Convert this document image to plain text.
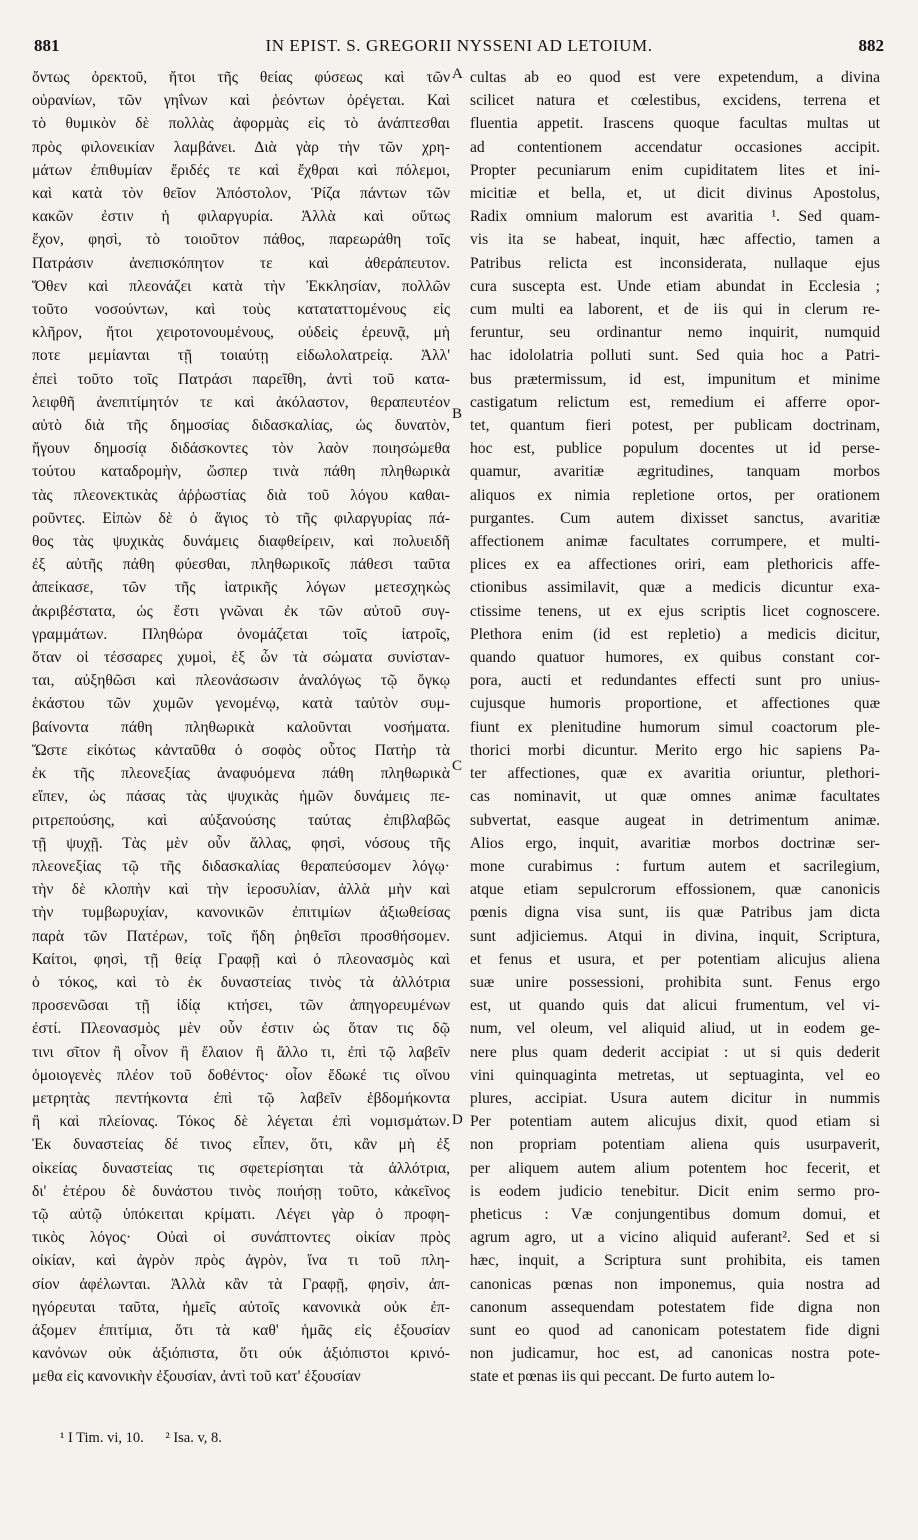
881	IN EPIST. S. GREGORII NYSSENI AD LETOIUM.	882
ὄντως ὀρεκτοῦ, ἤτοι τῆς θείας φύσεως καὶ τῶν
οὐρανίων, τῶν γηΐνων καὶ ῥεόντων ὀρέγεται. Καὶ
τὸ θυμικὸν δὲ πολλὰς ἀφορμὰς εἰς τὸ ἀνάπτεσθαι
πρὸς φιλονεικίαν λαμβάνει. Διὰ γὰρ τὴν τῶν χρη-
μάτων ἐπιθυμίαν ἔριδές τε καὶ ἔχθραι καὶ πόλεμοι,
καὶ κατὰ τὸν θεῖον Ἀπόστολον, Ῥίζα πάντων τῶν
κακῶν ἐστιν ἡ φιλαργυρία. Ἀλλὰ καὶ οὕτως
ἔχον, φησὶ, τὸ τοιοῦτον πάθος, παρεωράθη τοῖς
Πατράσιν ἀνεπισκόπητον τε καὶ ἀθεράπευτον.
Ὅθεν καὶ πλεονάζει κατὰ τὴν Ἐκκλησίαν, πολλῶν
τοῦτο νοσούντων, καὶ τοὺς καταταττομένους εἰς
κλῆρον, ἤτοι χειροτονουμένους, οὐδεὶς ἐρευνᾷ, μὴ
ποτε μεμίανται τῇ τοιαύτῃ εἰδωλολατρείᾳ. Ἀλλ'
ἐπεὶ τοῦτο τοῖς Πατράσι παρεῖθη, ἀντὶ τοῦ κατα-
λειφθῆ ἀνεπιτίμητόν τε καὶ ἀκόλαστον, θεραπευτέον
αὐτὸ διὰ τῆς δημοσίας διδασκαλίας, ὡς δυνατὸν,
ἤγουν δημοσίᾳ διδάσκοντες τὸν λαὸν ποιησώμεθα
τούτου καταδρομὴν, ὥσπερ τινὰ πάθη πληθωρικὰ
τὰς πλεονεκτικὰς ἀῤῥωστίας διὰ τοῦ λόγου καθαι-
ροῦντες. Εἰπὼν δὲ ὁ ἅγιος τὸ τῆς φιλαργυρίας πά-
θος τὰς ψυχικὰς δυνάμεις διαφθείρειν, καὶ πολυειδῆ
ἐξ αὐτῆς πάθη φύεσθαι, πληθωρικοῖς πάθεσι ταῦτα
ἀπείκασε, τῶν τῆς ἰατρικῆς λόγων μετεσχηκὼς
ἀκριβέστατα, ὡς ἔστι γνῶναι ἐκ τῶν αὐτοῦ συγ-
γραμμάτων. Πληθώρα ὀνομάζεται τοῖς ἰατροῖς,
ὅταν οἱ τέσσαρες χυμοὶ, ἐξ ὧν τὰ σώματα συνίσταν-
ται, αὐξηθῶσι καὶ πλεονάσωσιν ἀναλόγως τῷ ὄγκῳ
ἑκάστου τῶν χυμῶν γενομένῳ, κατὰ ταὐτὸν συμ-
βαίνοντα πάθη πληθωρικὰ καλοῦνται νοσήματα.
Ὥστε εἰκότως κἀνταῦθα ὁ σοφὸς οὗτος Πατὴρ τὰ
ἐκ τῆς πλεονεξίας ἀναφυόμενα πάθη πληθωρικὰ
εἴπεν, ὡς πάσας τὰς ψυχικὰς ἡμῶν δυνάμεις πε-
ριτρεπούσης, καὶ αὐξανούσης ταύτας ἐπιβλαβῶς
τῇ ψυχῇ. Τὰς μὲν οὖν ἄλλας, φησὶ, νόσους τῆς
πλεονεξίας τῷ τῆς διδασκαλίας θεραπεύσομεν λόγῳ·
τὴν δὲ κλοπὴν καὶ τὴν ἱεροσυλίαν, ἀλλὰ μὴν καὶ
τὴν τυμβωρυχίαν, κανονικῶν ἐπιτιμίων ἀξιωθείσας
παρὰ τῶν Πατέρων, τοῖς ἤδη ῥηθεῖσι προσθήσομεν.
Καίτοι, φησὶ, τῇ θείᾳ Γραφῇ καὶ ὁ πλεονασμὸς καὶ
ὁ τόκος, καὶ τὸ ἐκ δυναστείας τινὸς τὰ ἀλλότρια
προσενῶσαι τῇ ἰδίᾳ κτήσει, τῶν ἀπηγορευμένων
ἐστί. Πλεονασμὸς μὲν οὖν ἐστιν ὡς ὅταν τις δῷ
τινι σῖτον ἢ οἶνον ἢ ἔλαιον ἢ ἄλλο τι, ἐπὶ τῷ λαβεῖν
ὁμοιογενὲς πλέον τοῦ δοθέντος· οἷον ἔδωκέ τις οἴνου
μετρητὰς πεντήκοντα ἐπὶ τῷ λαβεῖν ἑβδομήκοντα
ἢ καὶ πλείονας. Τόκος δὲ λέγεται ἐπὶ νομισμάτων.
Ἐκ δυναστείας δέ τινος εἶπεν, ὅτι, κἂν μὴ ἐξ
οἰκείας δυναστείας τις σφετερίσηται τὰ ἀλλότρια,
δι' ἑτέρου δὲ δυνάστου τινὸς ποιήσῃ τοῦτο, κἀκεῖνος
τῷ αὐτῷ ὑπόκειται κρίματι. Λέγει γὰρ ὁ προφη-
τικὸς λόγος· Οὐαὶ οἱ συνάπτοντες οἰκίαν πρὸς
οἰκίαν, καὶ ἀγρὸν πρὸς ἀγρὸν, ἵνα τι τοῦ πλη-
σίον ἀφέλωνται. Ἀλλὰ κἂν τὰ Γραφῇ, φησὶν, ἀπ-
ηγόρευται ταῦτα, ἡμεῖς αὐτοῖς κανονικὰ οὐκ ἐπ-
άξομεν ἐπιτίμια, ὅτι τὰ καθ' ἡμᾶς εἰς ἐξουσίαν
κανόνων οὐκ ἀξιόπιστα, ὅτι οὐκ ἀξιόπιστοι κρινό-
μεθα εἰς κανονικὴν ἐξουσίαν, ἀντὶ τοῦ κατ' ἐξουσίαν
cultas ab eo quod est vere expetendum, a divina
scilicet natura et cœlestibus, excidens, terrena et
fluentia appetit. Irascens quoque facultas multas ut
ad contentionem accendatur occasiones accipit.
Propter pecuniarum enim cupiditatem lites et ini-
micitiæ et bella, et, ut dicit divinus Apostolus,
Radix omnium malorum est avaritia ¹. Sed quam-
vis ita se habeat, inquit, hæc affectio, tamen a
Patribus relicta est inconsiderata, nullaque ejus
cura suscepta est. Unde etiam abundat in Ecclesia ;
cum multi ea laborent, et de iis qui in clerum re-
feruntur, seu ordinantur nemo inquirit, numquid
hac idololatria polluti sunt. Sed quia hoc a Patri-
bus prætermissum, id est, impunitum et minime
castigatum relictum est, remedium ei afferre opor-
tet, quantum fieri potest, per publicam doctrinam,
hoc est, publice populum docentes ut id perse-
quamur, avaritiæ ægritudines, tanquam morbos
aliquos ex nimia repletione ortos, per orationem
purgantes. Cum autem dixisset sanctus, avaritiæ
affectionem animæ facultates corrumpere, et multi-
plices ex ea affectiones oriri, eam plethoricis affe-
ctionibus assimilavit, quæ a medicis dicuntur exa-
ctissime tenens, ut ex ejus scriptis licet cognoscere.
Plethora enim (id est repletio) a medicis dicitur,
quando quatuor humores, ex quibus constant cor-
pora, aucti et redundantes effecti sunt pro unius-
cujusque humoris proportione, et affectiones quæ
fiunt ex plenitudine humorum simul coactorum ple-
thorici morbi dicuntur. Merito ergo hic sapiens Pa-
ter affectiones, quæ ex avaritia oriuntur, plethori-
cas nominavit, ut quæ omnes animæ facultates
subvertat, easque augeat in detrimentum animæ.
Alios ergo, inquit, avaritiæ morbos doctrinæ ser-
mone curabimus : furtum autem et sacrilegium,
atque etiam sepulcrorum effossionem, quæ canonicis
pœnis digna visa sunt, iis quæ Patribus jam dicta
sunt adjiciemus. Atqui in divina, inquit, Scriptura,
et fenus et usura, et per potentiam alicujus aliena
suæ unire possessioni, prohibita sunt. Fenus ergo
est, ut quando quis dat alicui frumentum, vel vi-
num, vel oleum, vel aliquid aliud, ut in eodem ge-
nere plus quam dederit accipiat : ut si quis dederit
vini quinquaginta metretas, ut septuaginta, vel eo
plures, accipiat. Usura autem dicitur in nummis
Per potentiam autem alicujus dixit, quod etiam si
non propriam potentiam aliena quis usurpaverit,
per aliquem autem alium potentem hoc fecerit, et
is eodem judicio tenebitur. Dicit enim sermo pro-
pheticus : Væ conjungentibus domum domui, et
agrum agro, ut a vicino aliquid auferant². Sed et si
hæc, inquit, a Scriptura sunt prohibita, eis tamen
canonicas pœnas non imponemus, quia nostra ad
canonum assequendam potestatem fide digna non
sunt eo quod ad canonicam potestatem fide digni
non judicamur, hoc est, ad canonicas nostra pote-
state et pœnas iis qui peccant. De furto autem lo-
A
B
C
D
¹ I Tim. vi, 10. ² Isa. v, 8.
